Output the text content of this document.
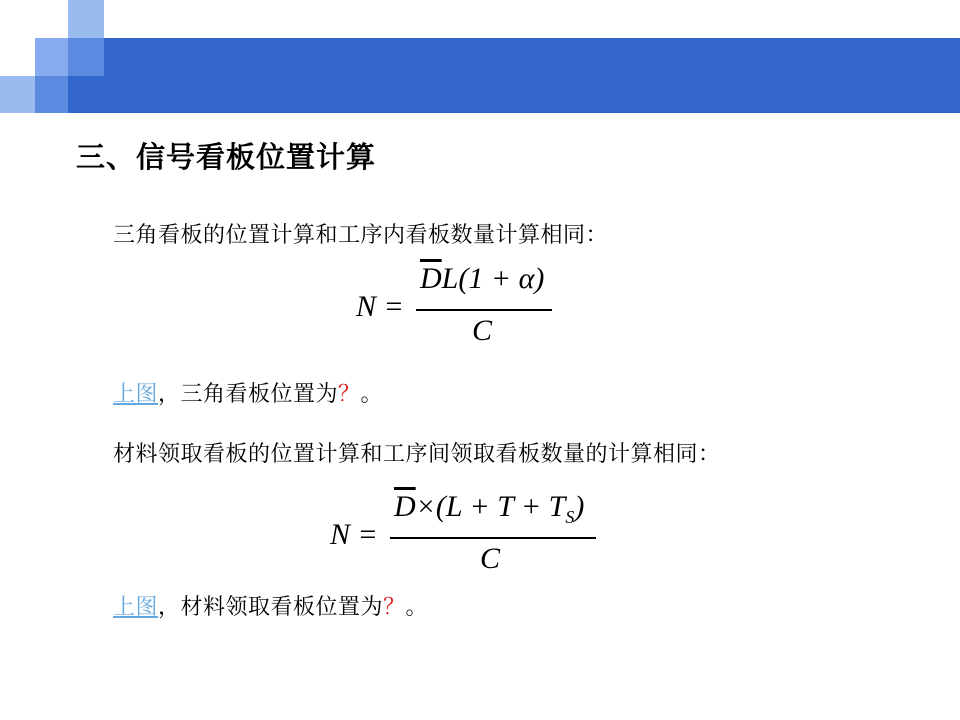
三、信号看板位置计算
三角看板的位置计算和工序内看板数量计算相同：
N =
$\overline{D}L(1 + \alpha)$
C
上图，三角看板位置为？。
材料领取看板的位置计算和工序间领取看板数量的计算相同：
N =
$\overline{D}\times(L + T + T_S)$
C
上图，材料领取看板位置为？。
